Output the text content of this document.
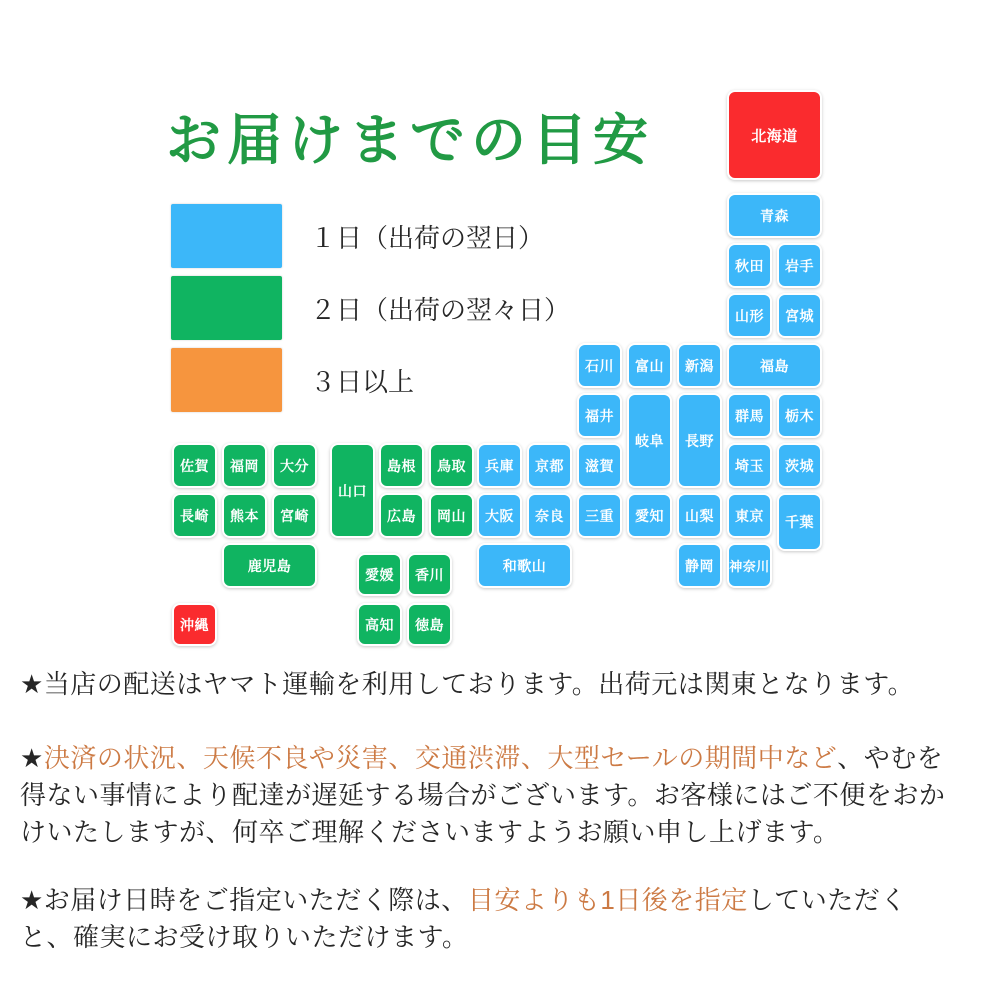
お届けまでの目安
１日（出荷の翌日）
２日（出荷の翌々日）
３日以上
北海道
青森
秋田 岩手
山形 宮城
石川 富山 新潟	福島
福井
岐阜 長野
群馬 栃木
佐賀 福岡 大分
山口
島根 鳥取 兵庫 京都 滋賀	埼玉 茨城
長崎 熊本 宮崎	広島 岡山 大阪 奈良 三重 愛知 山梨 東京 千葉
鹿児島	和歌山	静岡 神奈川
愛媛 香川
沖縄	高知 徳島
★当店の配送はヤマト運輸を利用しております。出荷元は関東となります。
★決済の状況、天候不良や災害、交通渋滞、大型セールの期間中など、やむを
得ない事情により配達が遅延する場合がございます。お客様にはご不便をおか
けいたしますが、何卒ご理解くださいますようお願い申し上げます。
★お届け日時をご指定いただく際は、目安よりも1日後を指定していただく
と、確実にお受け取りいただけます。
